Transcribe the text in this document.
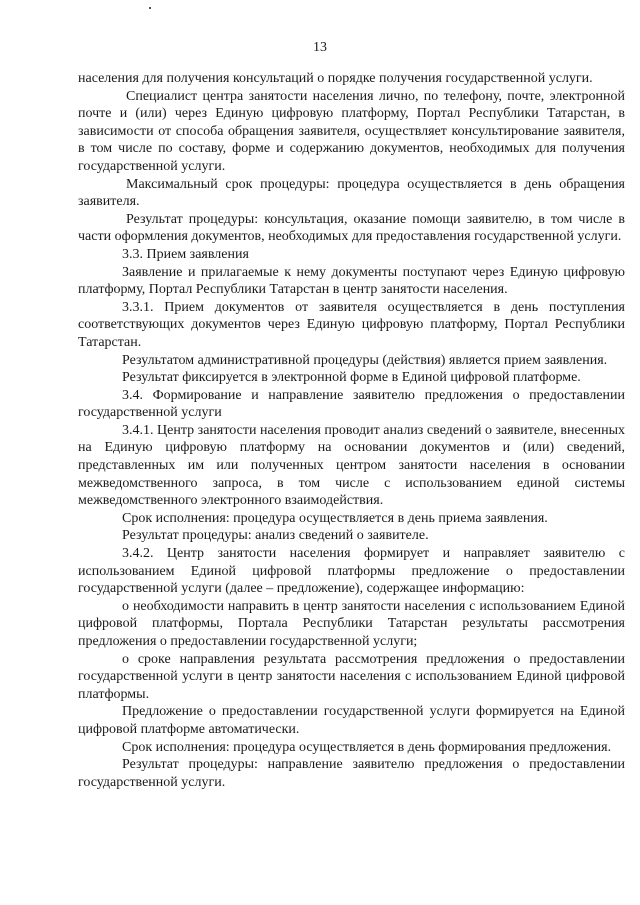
13

населения для получения консультаций о порядке получения государственной услуги.

Специалист центра занятости населения лично, по телефону, почте, электронной почте и (или) через Единую цифровую платформу, Портал Республики Татарстан, в зависимости от способа обращения заявителя, осуществляет консультирование заявителя, в том числе по составу, форме и содержанию документов, необходимых для получения государственной услуги.

Максимальный срок процедуры: процедура осуществляется в день обращения заявителя.

Результат процедуры: консультация, оказание помощи заявителю, в том числе в части оформления документов, необходимых для предоставления государственной услуги.

3.3. Прием заявления

Заявление и прилагаемые к нему документы поступают через Единую цифровую платформу, Портал Республики Татарстан в центр занятости населения.

3.3.1. Прием документов от заявителя осуществляется в день поступления соответствующих документов через Единую цифровую платформу, Портал Республики Татарстан.

Результатом административной процедуры (действия) является прием заявления.

Результат фиксируется в электронной форме в Единой цифровой платформе.

3.4. Формирование и направление заявителю предложения о предоставлении государственной услуги

3.4.1. Центр занятости населения проводит анализ сведений о заявителе, внесенных на Единую цифровую платформу на основании документов и (или) сведений, представленных им или полученных центром занятости населения в основании межведомственного запроса, в том числе с использованием единой системы межведомственного электронного взаимодействия.

Срок исполнения: процедура осуществляется в день приема заявления.

Результат процедуры: анализ сведений о заявителе.

3.4.2. Центр занятости населения формирует и направляет заявителю с использованием Единой цифровой платформы предложение о предоставлении государственной услуги (далее – предложение), содержащее информацию:

о необходимости направить в центр занятости населения с использованием Единой цифровой платформы, Портала Республики Татарстан результаты рассмотрения предложения о предоставлении государственной услуги;

о сроке направления результата рассмотрения предложения о предоставлении государственной услуги в центр занятости населения с использованием Единой цифровой платформы.

Предложение о предоставлении государственной услуги формируется на Единой цифровой платформе автоматически.

Срок исполнения: процедура осуществляется в день формирования предложения.

Результат процедуры: направление заявителю предложения о предоставлении государственной услуги.
